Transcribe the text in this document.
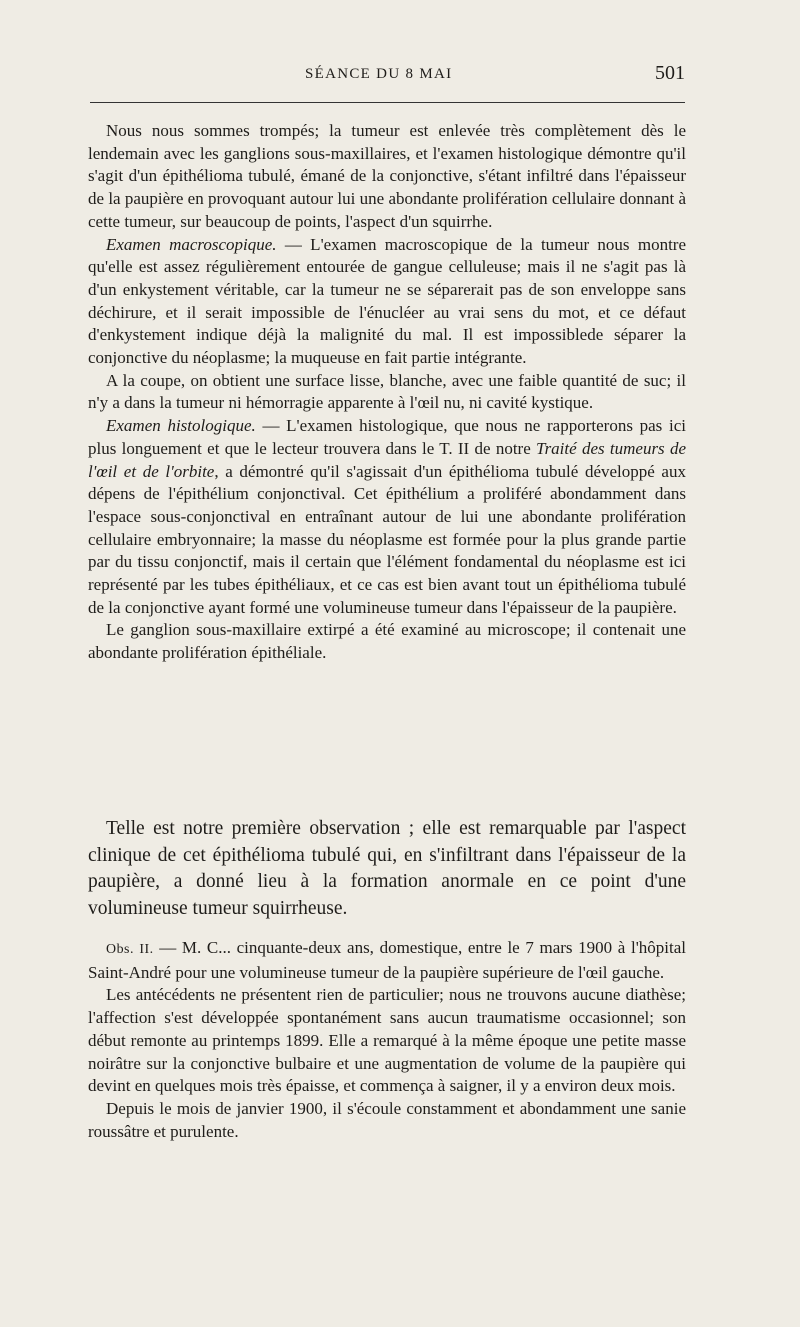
SÉANCE DU 8 MAI	501

Nous nous sommes trompés; la tumeur est enlevée très complètement dès le lendemain avec les ganglions sous-maxillaires, et l'examen histologique démontre qu'il s'agit d'un épithélioma tubulé, émané de la conjonctive, s'étant infiltré dans l'épaisseur de la paupière en provoquant autour lui une abondante prolifération cellulaire donnant à cette tumeur, sur beaucoup de points, l'aspect d'un squirrhe.

Examen macroscopique. — L'examen macroscopique de la tumeur nous montre qu'elle est assez régulièrement entourée de gangue celluleuse; mais il ne s'agit pas là d'un enkystement véritable, car la tumeur ne se séparerait pas de son enveloppe sans déchirure, et il serait impossible de l'énucléer au vrai sens du mot, et ce défaut d'enkystement indique déjà la malignité du mal. Il est impossiblede séparer la conjonctive du néoplasme; la muqueuse en fait partie intégrante.

A la coupe, on obtient une surface lisse, blanche, avec une faible quantité de suc; il n'y a dans la tumeur ni hémorragie apparente à l'œil nu, ni cavité kystique.

Examen histologique. — L'examen histologique, que nous ne rapporterons pas ici plus longuement et que le lecteur trouvera dans le T. II de notre Traité des tumeurs de l'œil et de l'orbite, a démontré qu'il s'agissait d'un épithélioma tubulé développé aux dépens de l'épithélium conjonctival. Cet épithélium a proliféré abondamment dans l'espace sous-conjonctival en entraînant autour de lui une abondante prolifération cellulaire embryonnaire; la masse du néoplasme est formée pour la plus grande partie par du tissu conjonctif, mais il certain que l'élément fondamental du néoplasme est ici représenté par les tubes épithéliaux, et ce cas est bien avant tout un épithélioma tubulé de la conjonctive ayant formé une volumineuse tumeur dans l'épaisseur de la paupière.

Le ganglion sous-maxillaire extirpé a été examiné au microscope; il contenait une abondante prolifération épithéliale.

Telle est notre première observation ; elle est remarquable par l'aspect clinique de cet épithélioma tubulé qui, en s'infiltrant dans l'épaisseur de la paupière, a donné lieu à la formation anormale en ce point d'une volumineuse tumeur squirrheuse.

Obs. II. — M. C... cinquante-deux ans, domestique, entre le 7 mars 1900 à l'hôpital Saint-André pour une volumineuse tumeur de la paupière supérieure de l'œil gauche.

Les antécédents ne présentent rien de particulier; nous ne trouvons aucune diathèse; l'affection s'est développée spontanément sans aucun traumatisme occasionnel; son début remonte au printemps 1899. Elle a remarqué à la même époque une petite masse noirâtre sur la conjonctive bulbaire et une augmentation de volume de la paupière qui devint en quelques mois très épaisse, et commença à saigner, il y a environ deux mois.

Depuis le mois de janvier 1900, il s'écoule constamment et abondamment une sanie roussâtre et purulente.
